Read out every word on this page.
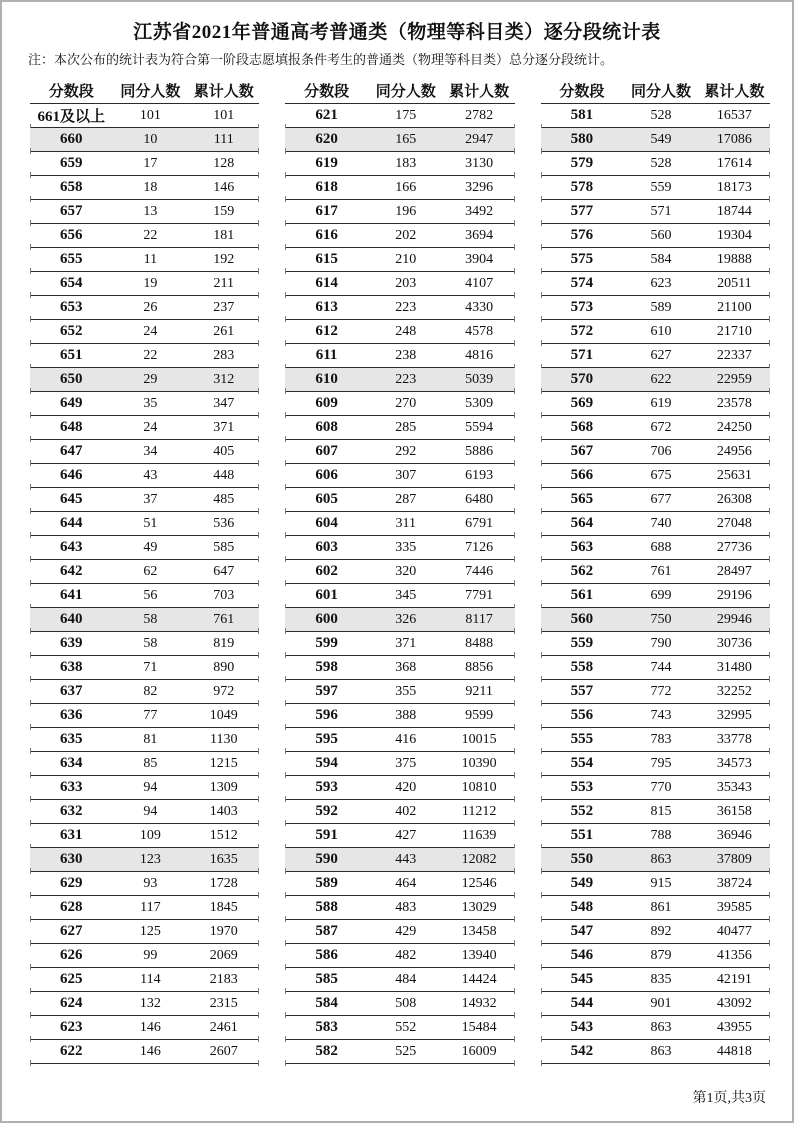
江苏省2021年普通高考普通类（物理等科目类）逐分段统计表

注：本次公布的统计表为符合第一阶段志愿填报条件考生的普通类（物理等科目类）总分逐分段统计。

分数段	同分人数 累计人数
661及以上	101	101
660	10	111
659	17	128
658	18	146
657	13	159
656	22	181
655	11	192
654	19	211
653	26	237
652	24	261
651	22	283
650	29	312
649	35	347
648	24	371
647	34	405
646	43	448
645	37	485
644	51	536
643	49	585
642	62	647
641	56	703
640	58	761
639	58	819
638	71	890
637	82	972
636	77	1049
635	81	1130
634	85	1215
633	94	1309
632	94	1403
631	109	1512
630	123	1635
629	93	1728
628	117	1845
627	125	1970
626	99	2069
625	114	2183
624	132	2315
623	146	2461
622	146	2607
分数段	同分人数 累计人数
621	175	2782
620	165	2947
619	183	3130
618	166	3296
617	196	3492
616	202	3694
615	210	3904
614	203	4107
613	223	4330
612	248	4578
611	238	4816
610	223	5039
609	270	5309
608	285	5594
607	292	5886
606	307	6193
605	287	6480
604	311	6791
603	335	7126
602	320	7446
601	345	7791
600	326	8117
599	371	8488
598	368	8856
597	355	9211
596	388	9599
595	416	10015
594	375	10390
593	420	10810
592	402	11212
591	427	11639
590	443	12082
589	464	12546
588	483	13029
587	429	13458
586	482	13940
585	484	14424
584	508	14932
583	552	15484
582	525	16009
分数段	同分人数 累计人数
581	528	16537
580	549	17086
579	528	17614
578	559	18173
577	571	18744
576	560	19304
575	584	19888
574	623	20511
573	589	21100
572	610	21710
571	627	22337
570	622	22959
569	619	23578
568	672	24250
567	706	24956
566	675	25631
565	677	26308
564	740	27048
563	688	27736
562	761	28497
561	699	29196
560	750	29946
559	790	30736
558	744	31480
557	772	32252
556	743	32995
555	783	33778
554	795	34573
553	770	35343
552	815	36158
551	788	36946
550	863	37809
549	915	38724
548	861	39585
547	892	40477
546	879	41356
545	835	42191
544	901	43092
543	863	43955
542	863	44818
第1页,共3页
